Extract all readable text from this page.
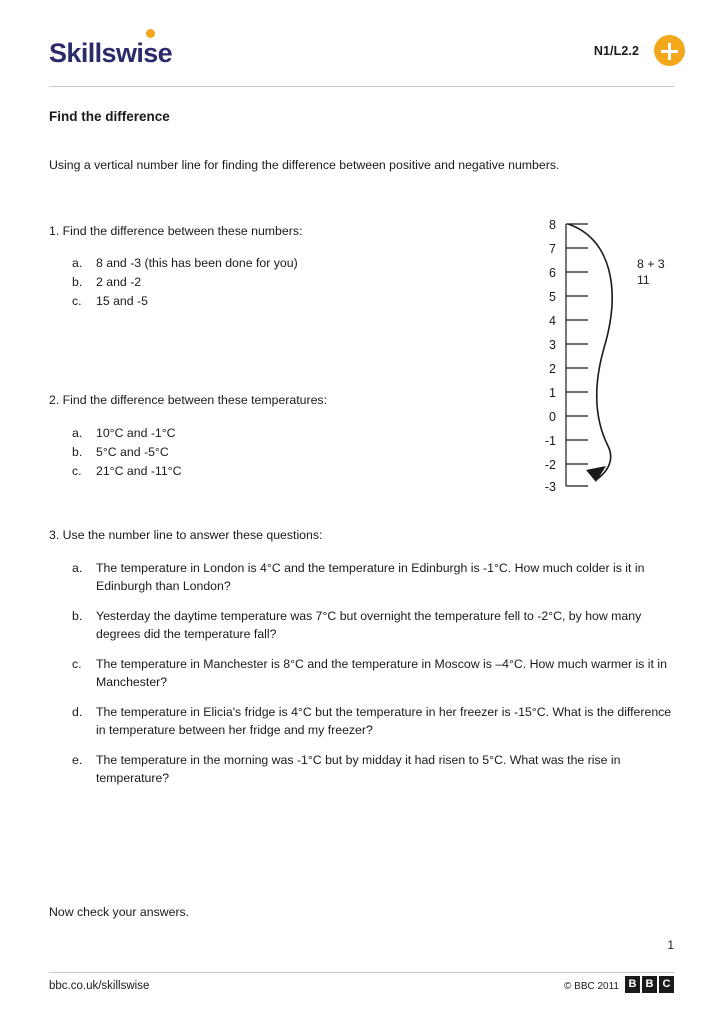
Skillswise	N1/L2.2
Find the difference
Using a vertical number line for finding the difference between positive and negative numbers.
1. Find the difference between these numbers:
a. 8 and -3 (this has been done for you)
b. 2 and -2
c. 15 and -5
2. Find the difference between these temperatures:
a. 10°C and -1°C
b. 5°C and -5°C
c. 21°C and -11°C
3. Use the number line to answer these questions:
a. The temperature in London is 4°C and the temperature in Edinburgh is -1°C. How much colder is it in Edinburgh than London?
b. Yesterday the daytime temperature was 7°C but overnight the temperature fell to -2°C, by how many degrees did the temperature fall?
c. The temperature in Manchester is 8°C and the temperature in Moscow is –4°C. How much warmer is it in Manchester?
d. The temperature in Elicia's fridge is 4°C but the temperature in her freezer is -15°C. What is the difference in temperature between her fridge and my freezer?
e. The temperature in the morning was -1°C but by midday it had risen to 5°C. What was the rise in temperature?
8
7
6
5
4
3
2
1
0
-1
-2
-3
8 + 3
11
Now check your answers.
1
bbc.co.uk/skillswise	© BBC 2011 B B C
